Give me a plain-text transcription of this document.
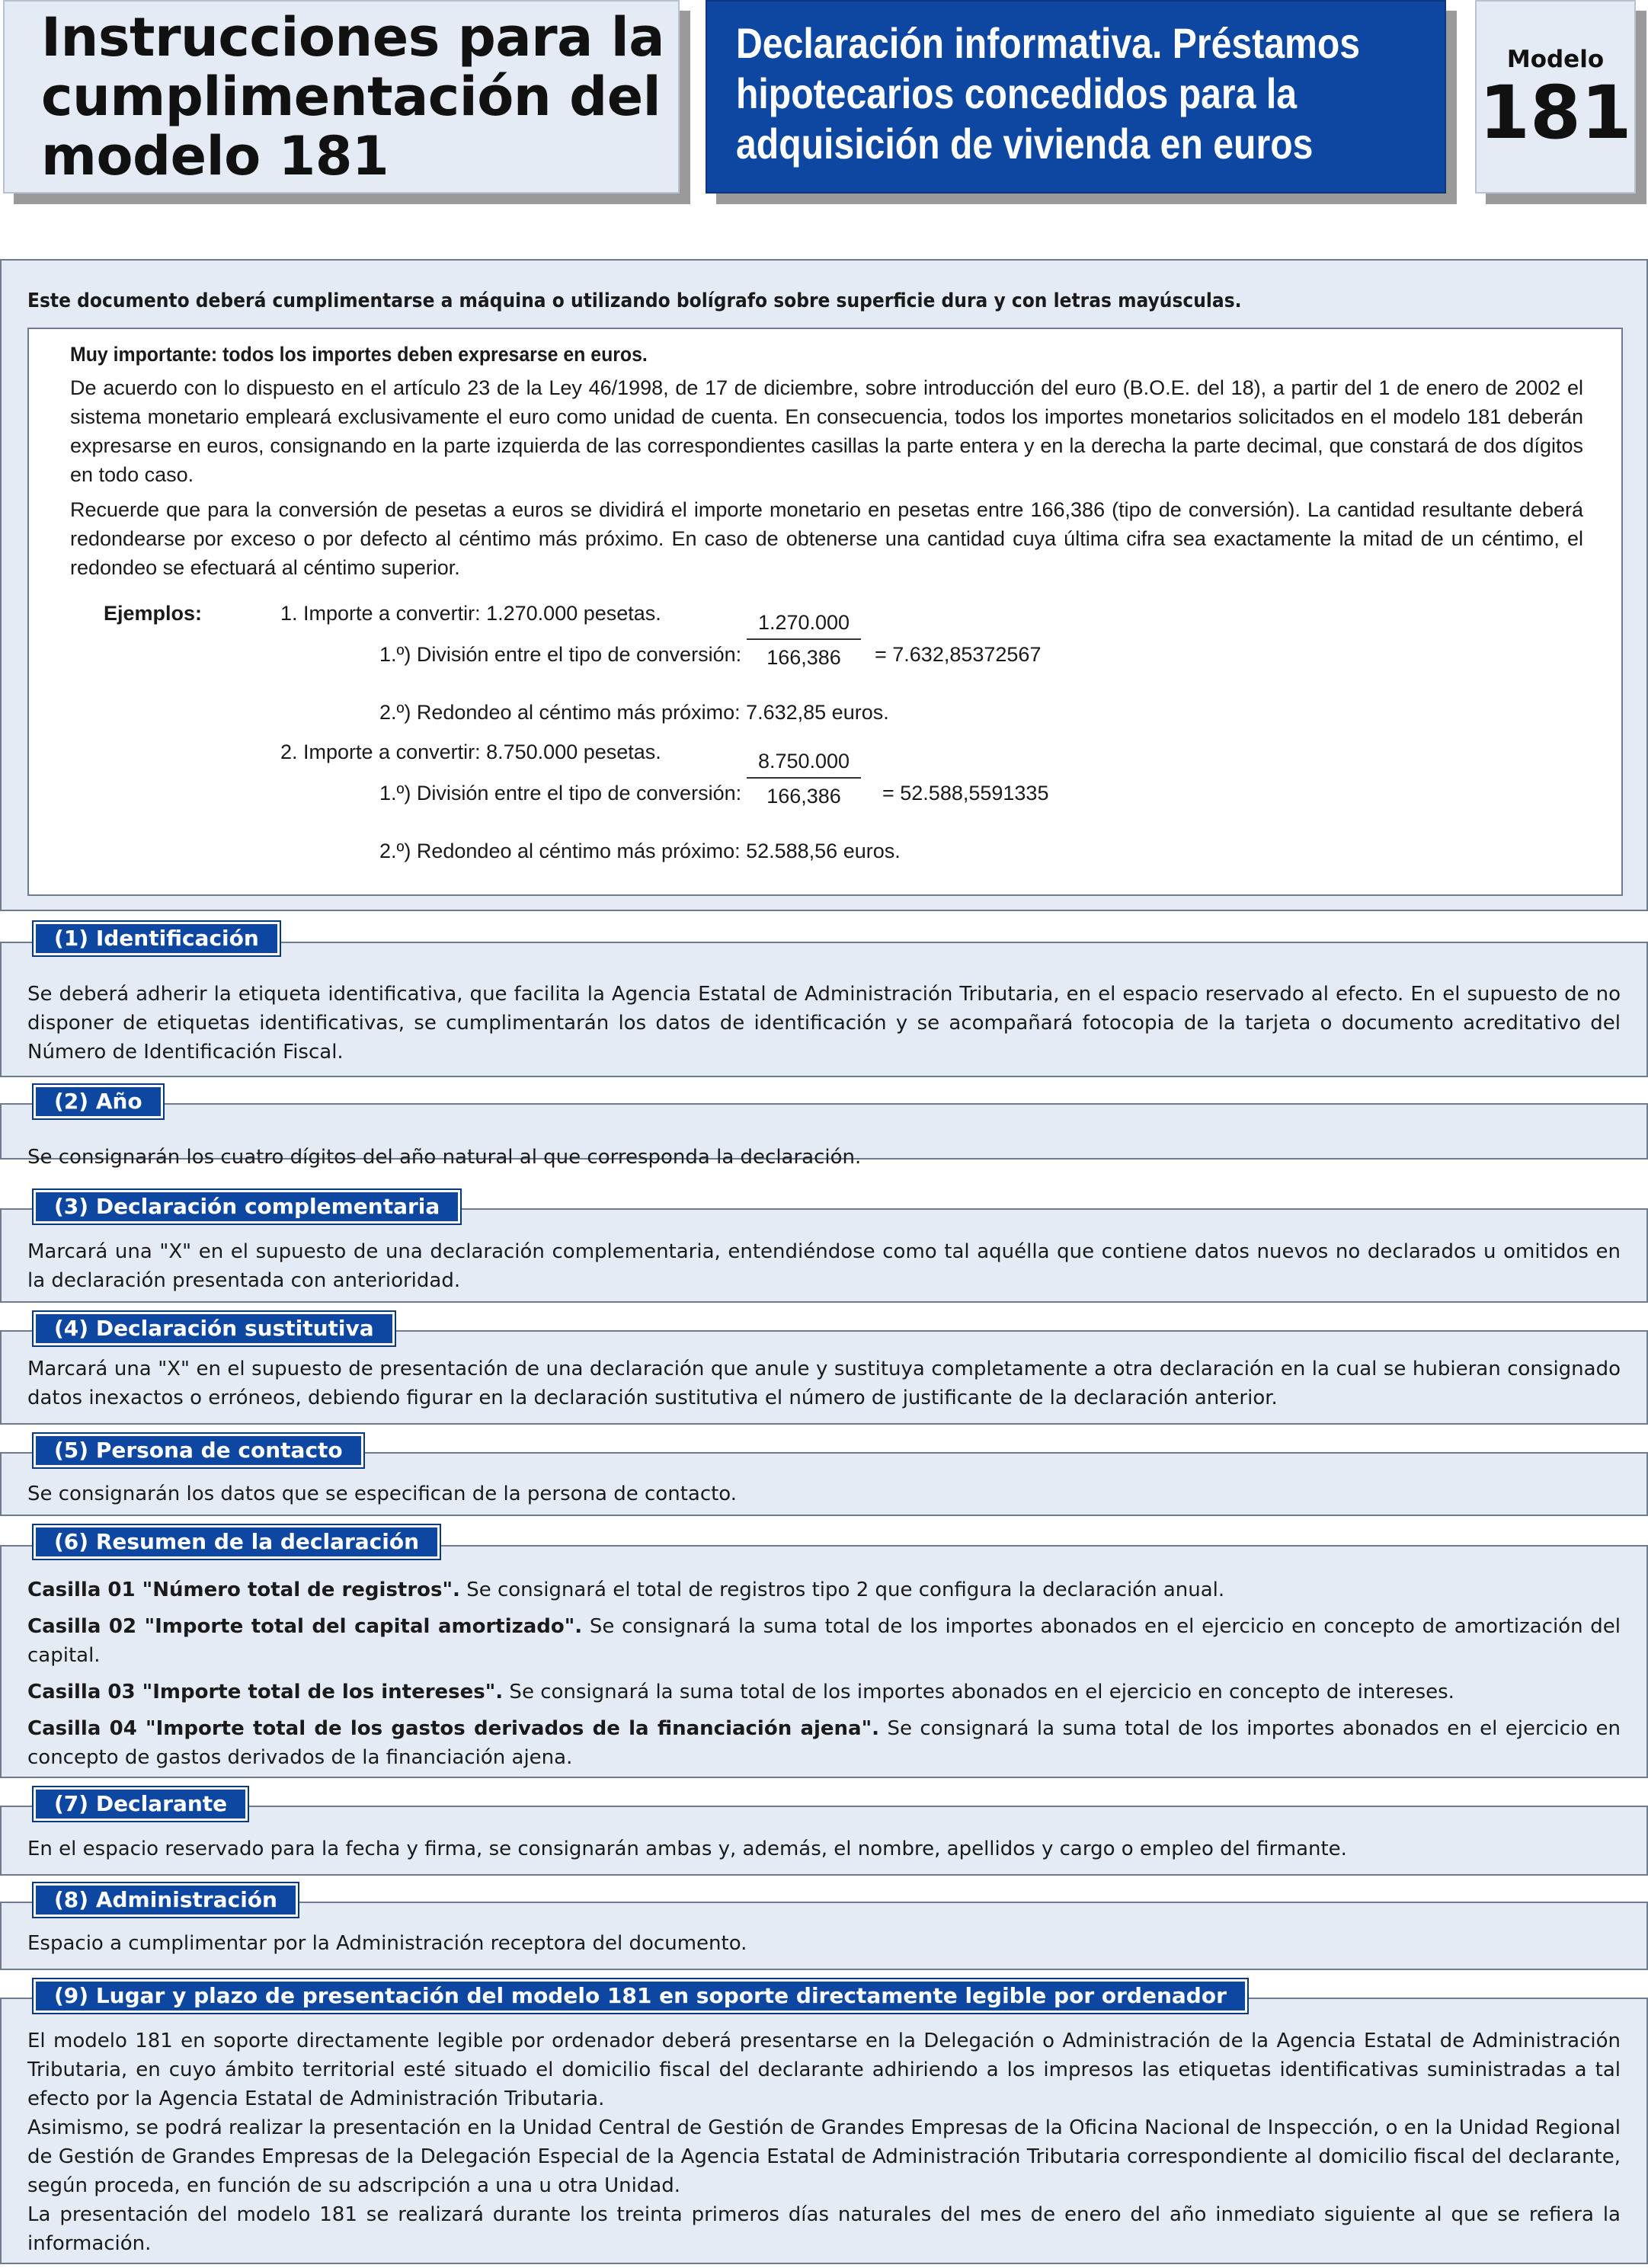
Instrucciones para la
cumplimentación del
modelo 181
Declaración informativa. Préstamos
hipotecarios concedidos para la
adquisición de vivienda en euros
Modelo
181
Este documento deberá cumplimentarse a máquina o utilizando bolígrafo sobre superficie dura y con letras mayúsculas.
Muy importante: todos los importes deben expresarse en euros.

De acuerdo con lo dispuesto en el artículo 23 de la Ley 46/1998, de 17 de diciembre, sobre introducción del euro (B.O.E. del 18), a partir del 1 de enero de 2002 el sistema monetario empleará exclusivamente el euro como unidad de cuenta. En consecuencia, todos los importes monetarios solicitados en el modelo 181 deberán expresarse en euros, consignando en la parte izquierda de las correspondientes casillas la parte entera y en la derecha la parte decimal, que constará de dos dígitos en todo caso.

Recuerde que para la conversión de pesetas a euros se dividirá el importe monetario en pesetas entre 166,386 (tipo de conversión). La cantidad resultante deberá redondearse por exceso o por defecto al céntimo más próximo. En caso de obtenerse una cantidad cuya última cifra sea exactamente la mitad de un céntimo, el redondeo se efectuará al céntimo superior.

Ejemplos:	1. Importe a convertir: 1.270.000 pesetas.
1.º) División entre el tipo de conversión: $\frac{1.270.000}{166,386} = 7.632,85372567$
2.º) Redondeo al céntimo más próximo: 7.632,85 euros.
2. Importe a convertir: 8.750.000 pesetas.
1.º) División entre el tipo de conversión: $\frac{8.750.000}{166,386} = 52.588,5591335$
2.º) Redondeo al céntimo más próximo: 52.588,56 euros.

Se deberá adherir la etiqueta identificativa, que facilita la Agencia Estatal de Administración Tributaria, en el espacio reservado al efecto. En el supuesto de no disponer de etiquetas identificativas, se cumplimentarán los datos de identificación y se acompañará fotocopia de la tarjeta o documento acreditativo del Número de Identificación Fiscal.

(1) Identificación

Se consignarán los cuatro dígitos del año natural al que corresponda la declaración.

(2) Año

Marcará una "X" en el supuesto de una declaración complementaria, entendiéndose como tal aquélla que contiene datos nuevos no declarados u omitidos en la declaración presentada con anterioridad.

(3) Declaración complementaria

Marcará una "X" en el supuesto de presentación de una declaración que anule y sustituya completamente a otra declaración en la cual se hubieran consignado datos inexactos o erróneos, debiendo figurar en la declaración sustitutiva el número de justificante de la declaración anterior.

(4) Declaración sustitutiva

Se consignarán los datos que se especifican de la persona de contacto.

(5) Persona de contacto

Casilla 01 "Número total de registros". Se consignará el total de registros tipo 2 que configura la declaración anual.

Casilla 02 "Importe total del capital amortizado". Se consignará la suma total de los importes abonados en el ejercicio en concepto de amortización del capital.

Casilla 03 "Importe total de los intereses". Se consignará la suma total de los importes abonados en el ejercicio en concepto de intereses.

Casilla 04 "Importe total de los gastos derivados de la financiación ajena". Se consignará la suma total de los importes abonados en el ejercicio en concepto de gastos derivados de la financiación ajena.

(6) Resumen de la declaración

En el espacio reservado para la fecha y firma, se consignarán ambas y, además, el nombre, apellidos y cargo o empleo del firmante.

(7) Declarante

Espacio a cumplimentar por la Administración receptora del documento.

(8) Administración

El modelo 181 en soporte directamente legible por ordenador deberá presentarse en la Delegación o Administración de la Agencia Estatal de Administración Tributaria, en cuyo ámbito territorial esté situado el domicilio fiscal del declarante adhiriendo a los impresos las etiquetas identificativas suministradas a tal efecto por la Agencia Estatal de Administración Tributaria.

Asimismo, se podrá realizar la presentación en la Unidad Central de Gestión de Grandes Empresas de la Oficina Nacional de Inspección, o en la Unidad Regional de Gestión de Grandes Empresas de la Delegación Especial de la Agencia Estatal de Administración Tributaria correspondiente al domicilio fiscal del declarante, según proceda, en función de su adscripción a una u otra Unidad.

La presentación del modelo 181 se realizará durante los treinta primeros días naturales del mes de enero del año inmediato siguiente al que se refiera la información.

(9) Lugar y plazo de presentación del modelo 181 en soporte directamente legible por ordenador
